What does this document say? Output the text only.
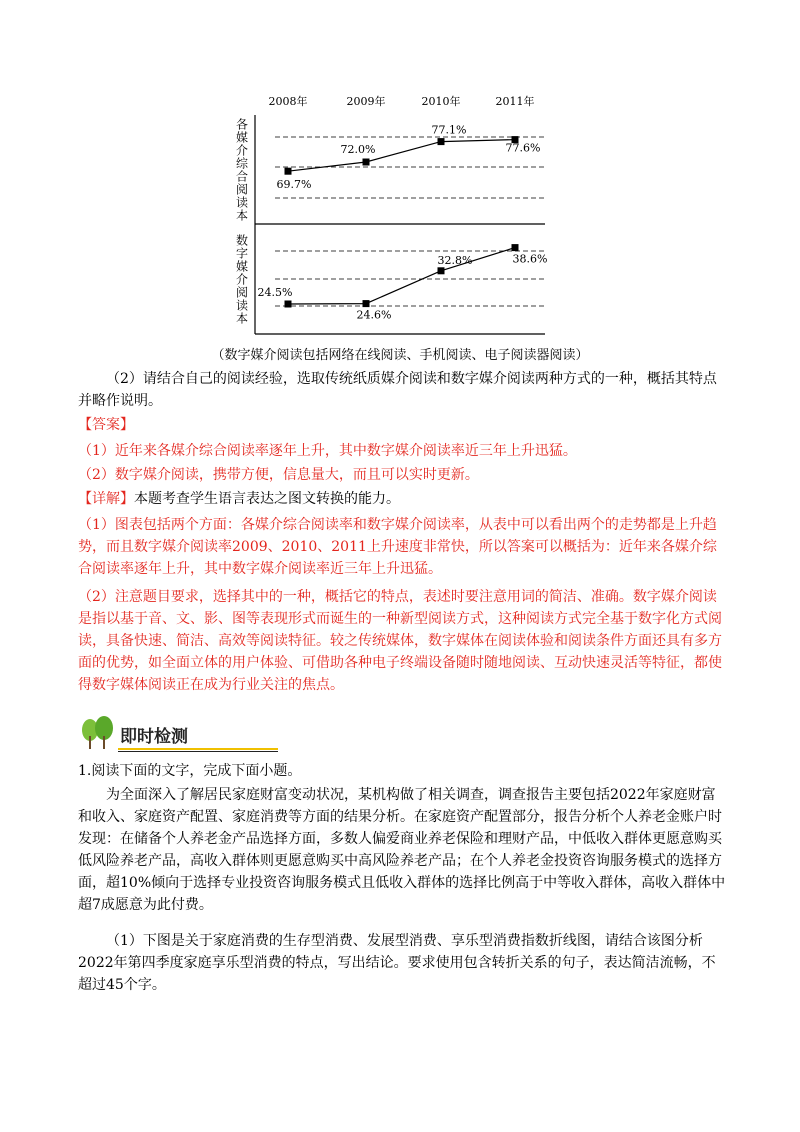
2008年	2009年	2010年	2011年
各
媒
介
综
合
阅
读
本
69.7%
72.0%
77.1%
77.6%
数
字
媒
介
阅
读
本
24.5%
24.6%
32.8%	38.6%
（数字媒介阅读包括网络在线阅读、手机阅读、电子阅读器阅读）

（2）请结合自己的阅读经验，选取传统纸质媒介阅读和数字媒介阅读两种方式的一种，概括其特点并略作说明。

【答案】

（1）近年来各媒介综合阅读率逐年上升，其中数字媒介阅读率近三年上升迅猛。

（2）数字媒介阅读，携带方便，信息量大，而且可以实时更新。

【详解】本题考查学生语言表达之图文转换的能力。

（1）图表包括两个方面：各媒介综合阅读率和数字媒介阅读率，从表中可以看出两个的走势都是上升趋势，而且数字媒介阅读率2009、2010、2011上升速度非常快，所以答案可以概括为：近年来各媒介综合阅读率逐年上升，其中数字媒介阅读率近三年上升迅猛。

（2）注意题目要求，选择其中的一种，概括它的特点，表述时要注意用词的简洁、准确。数字媒介阅读是指以基于音、文、影、图等表现形式而诞生的一种新型阅读方式，这种阅读方式完全基于数字化方式阅读，具备快速、简洁、高效等阅读特征。较之传统媒体，数字媒体在阅读体验和阅读条件方面还具有多方面的优势，如全面立体的用户体验、可借助各种电子终端设备随时随地阅读、互动快速灵活等特征，都使得数字媒体阅读正在成为行业关注的焦点。

即时检测

1.阅读下面的文字，完成下面小题。

为全面深入了解居民家庭财富变动状况，某机构做了相关调查，调查报告主要包括2022年家庭财富和收入、家庭资产配置、家庭消费等方面的结果分析。在家庭资产配置部分，报告分析个人养老金账户时发现：在储备个人养老金产品选择方面，多数人偏爱商业养老保险和理财产品，中低收入群体更愿意购买低风险养老产品，高收入群体则更愿意购买中高风险养老产品；在个人养老金投资咨询服务模式的选择方面，超10%倾向于选择专业投资咨询服务模式且低收入群体的选择比例高于中等收入群体，高收入群体中超7成愿意为此付费。

（1）下图是关于家庭消费的生存型消费、发展型消费、享乐型消费指数折线图，请结合该图分析2022年第四季度家庭享乐型消费的特点，写出结论。要求使用包含转折关系的句子，表达简洁流畅，不超过45个字。
